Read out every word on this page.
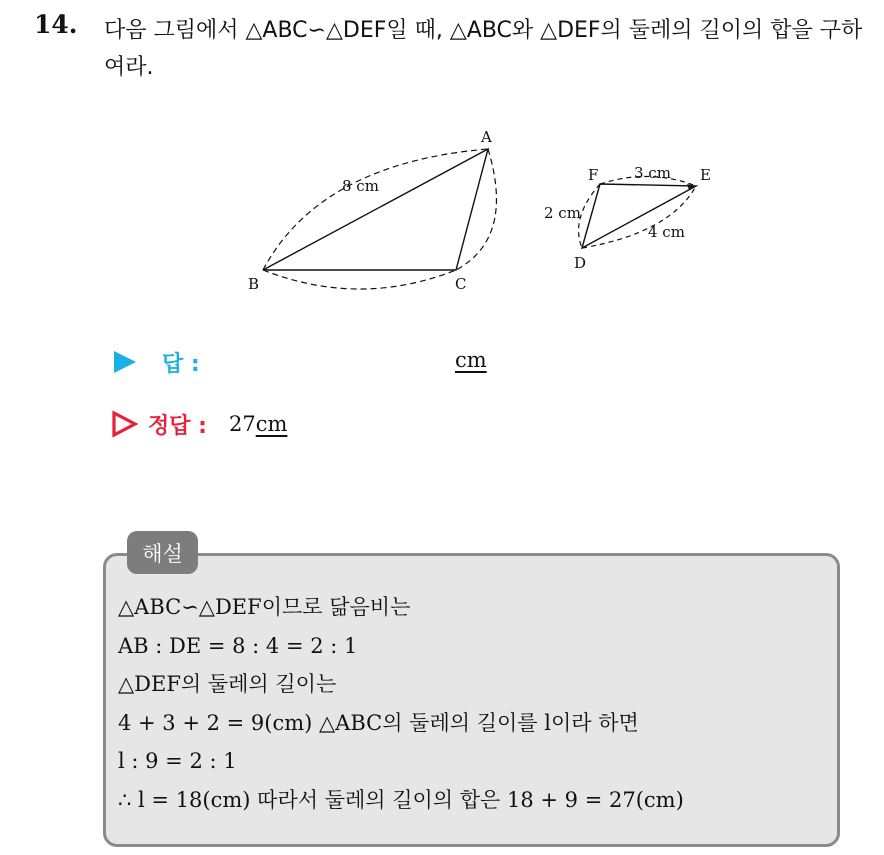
14. 다음 그림에서 △ABC∽△DEF일 때, △ABC와 △DEF의 둘레의 길이의 합을 구하여라.
A
B	C
8 cm
D
E
F 3 cm
2 cm
4 cm
답 :	cm
정답 : 27cm
해설
△ABC∽△DEF이므로 닮음비는
AB : DE = 8 : 4 = 2 : 1
△DEF의 둘레의 길이는
4 + 3 + 2 = 9(cm) △ABC의 둘레의 길이를 l이라 하면
l : 9 = 2 : 1
∴ l = 18(cm) 따라서 둘레의 길이의 합은 18 + 9 = 27(cm)
